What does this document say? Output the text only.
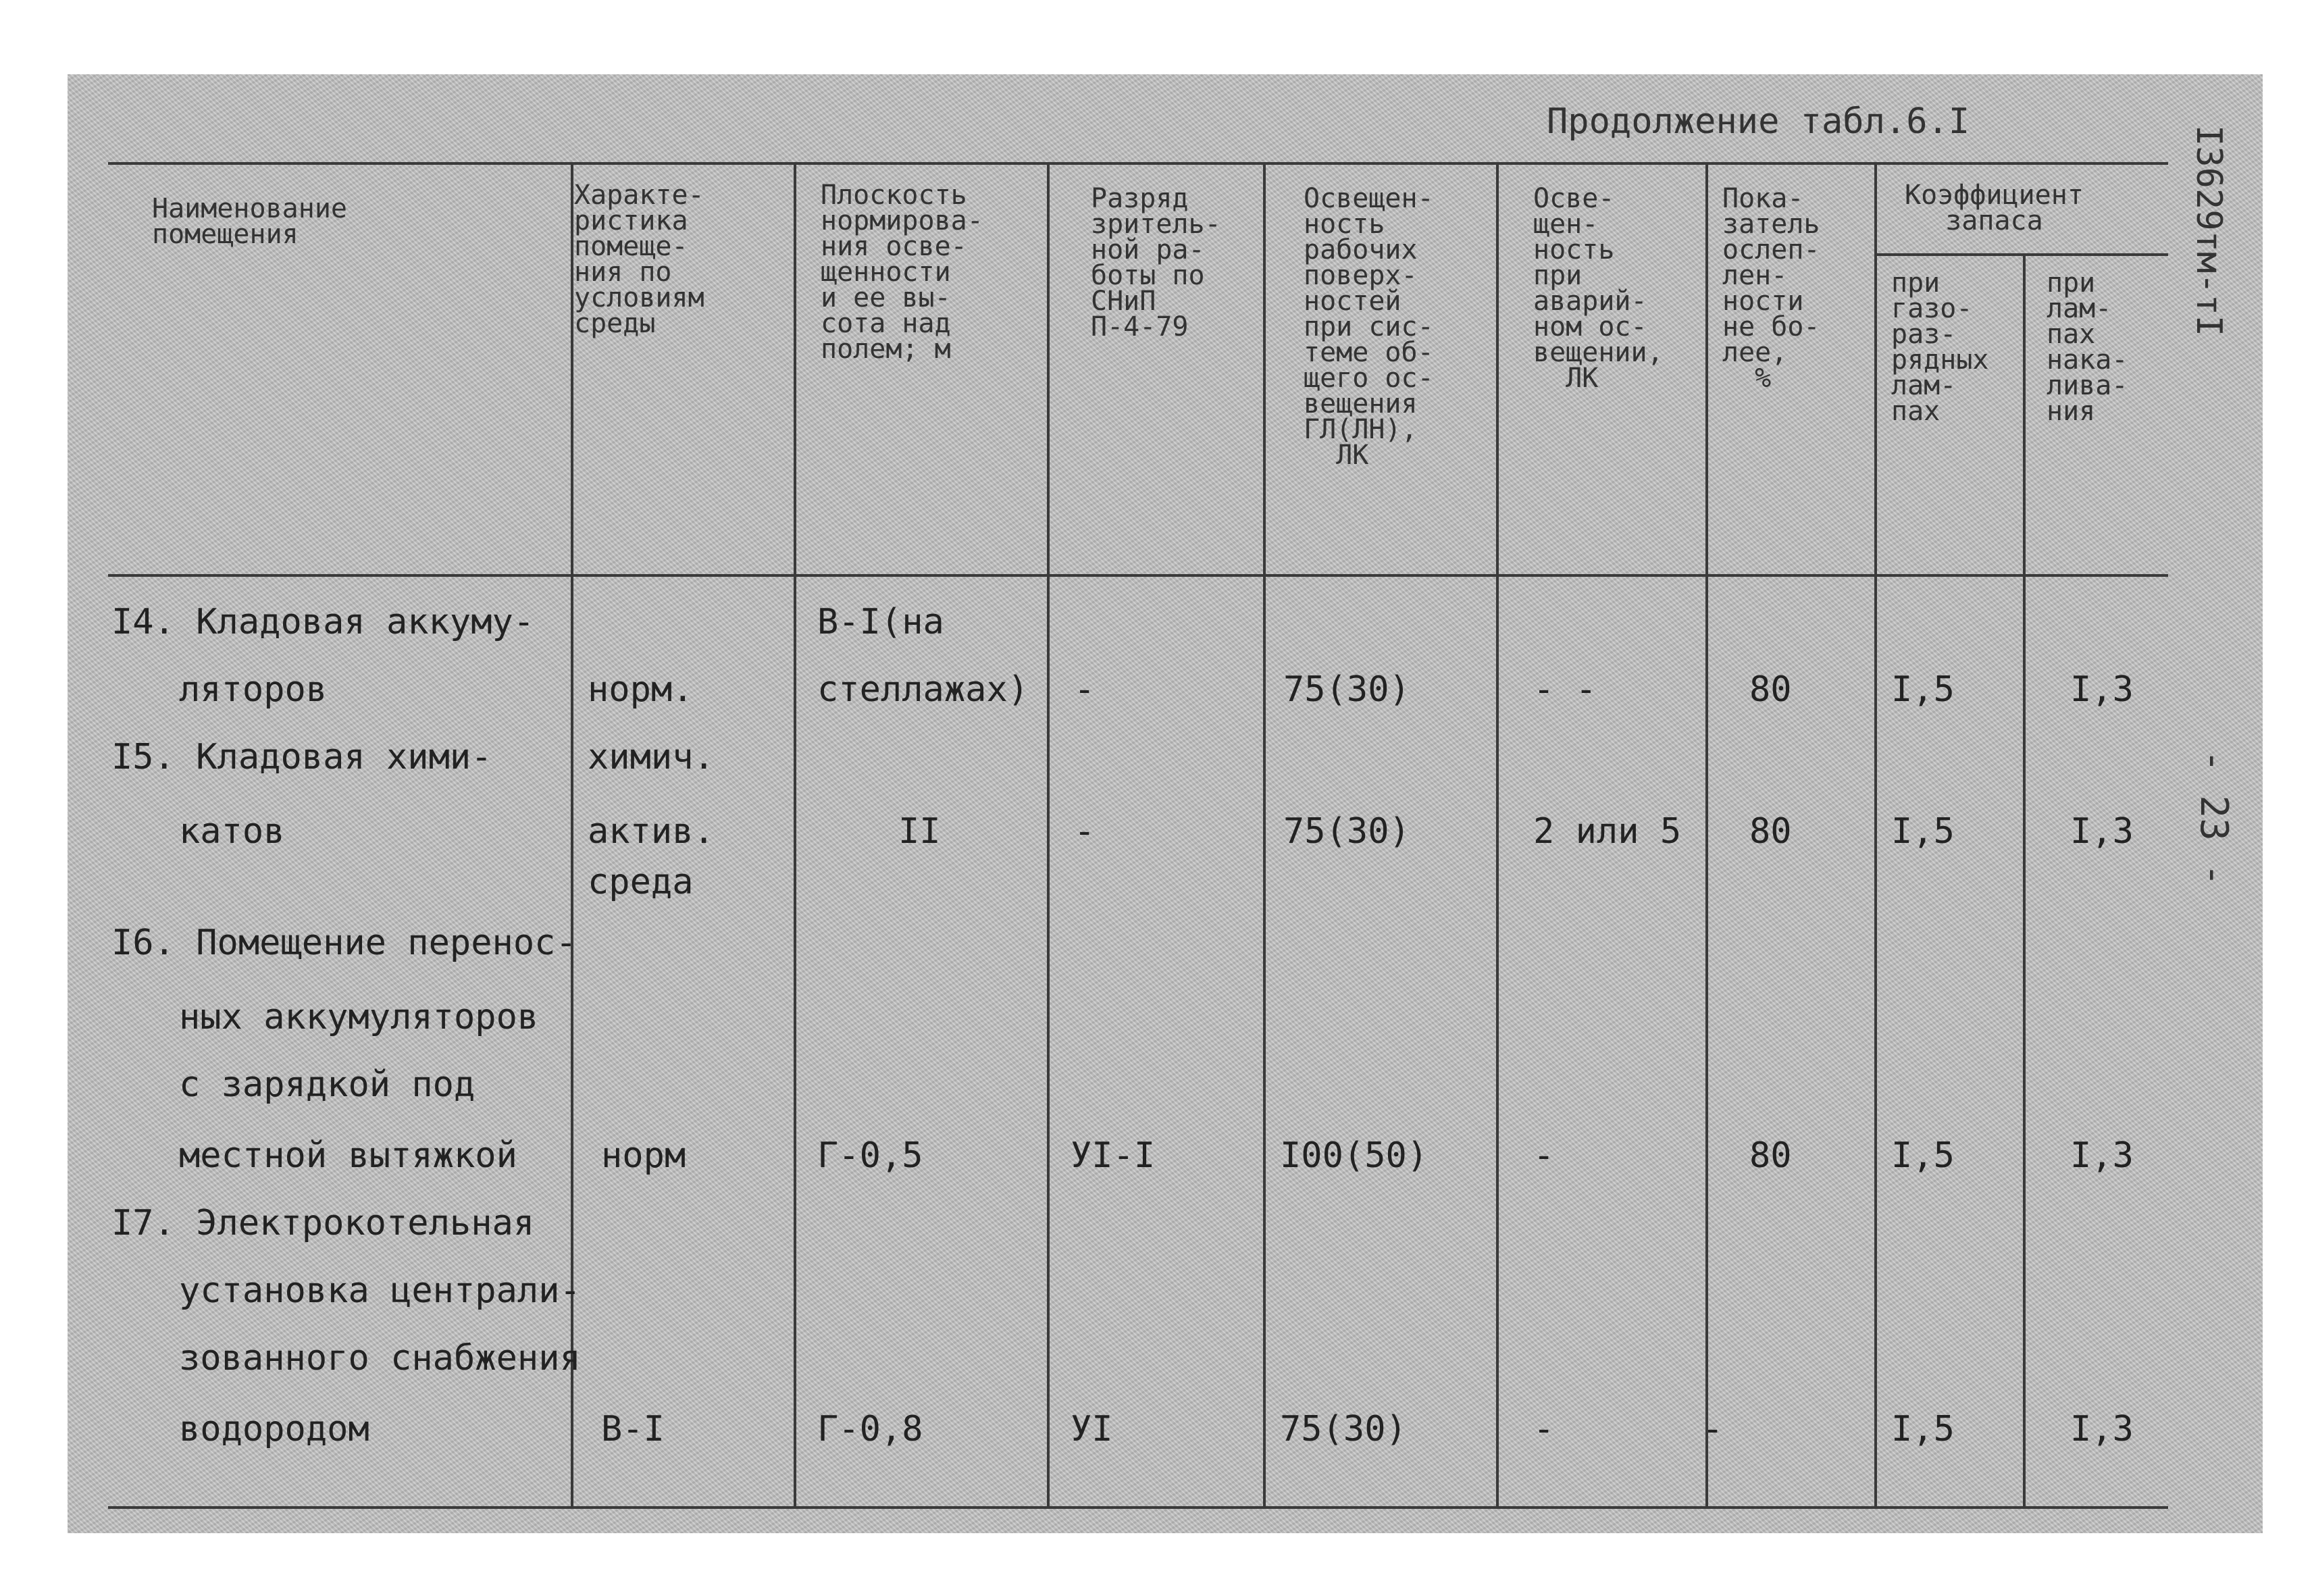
Продолжение табл.6.I
I3629тм-тI
- 23 -
Наименование
помещения
Характе-
ристика
помеще-
ния по
условиям
среды
Плоскость
нормирова-
ния осве-
щенности
и ее вы-
сота над
полем; м
Разряд
зритель-
ной ра-
боты по
СНиП
П-4-79
Освещен-
ность
рабочих
поверх-
ностей
при сис-
теме об-
щего ос-
вещения
ГЛ(ЛН),
ЛК
Осве-
щен-
ность
при
аварий-
ном ос-
вещении,
ЛК
Пока-
затель
ослеп-
лен-
ности
не бо-
лее,
%
Коэффициент
запаса
при
газо-
раз-
рядных
лам-
пах
при
лам-
пах
нака-
лива-
ния
I4. Кладовая аккуму-	В-I(на
ляторов	норм.	стеллажах) -	75(30)	- -	80	I,5	I,3
I5. Кладовая хими-	химич.
катов	актив.	II	-	75(30)	2 или 5 80	I,5	I,3
среда
I6. Помещение перенос-
ных аккумуляторов
с зарядкой под
местной вытяжкой норм	Г-0,5	УI-I	I00(50)	-	80	I,5	I,3
I7. Электрокотельная
установка централи-
зованного снабжения
водородом	В-I	Г-0,8	УI	75(30)	-	-	I,5	I,3
